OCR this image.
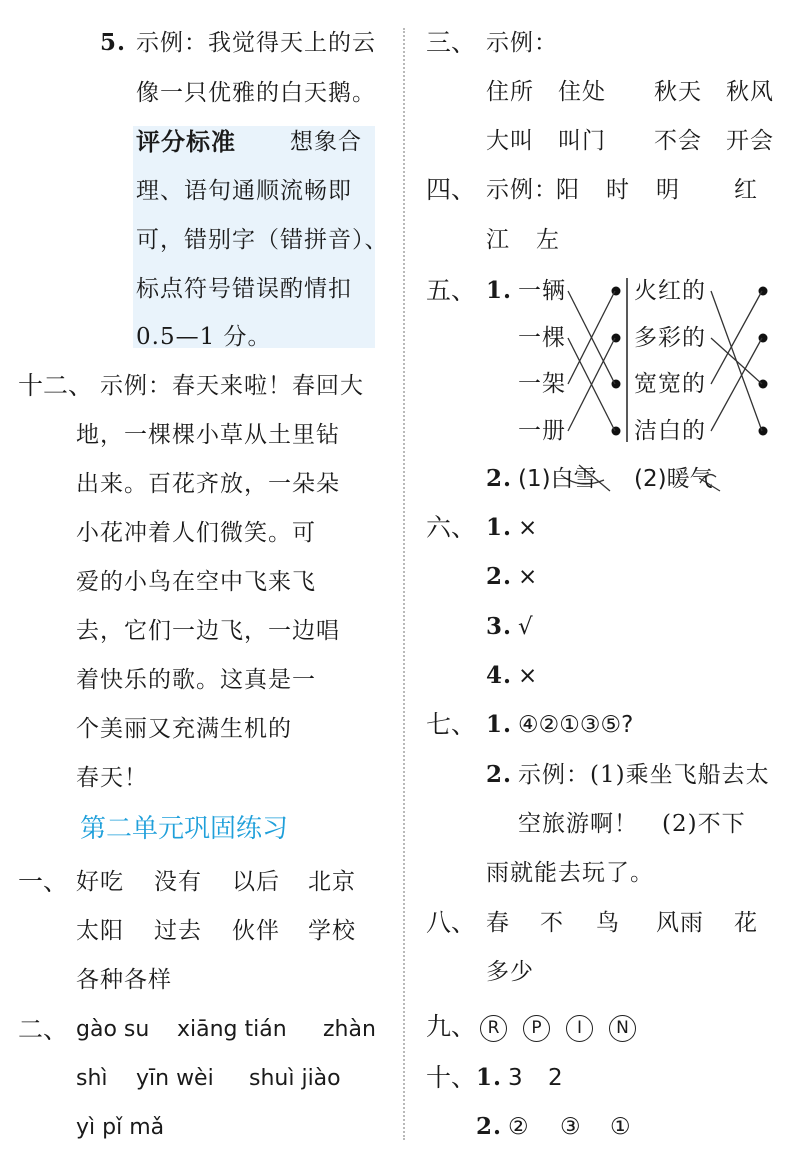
5. 示例：我觉得天上的云
像一只优雅的白天鹅。
评分标准 想象合
理、语句通顺流畅即
可，错别字（错拼音）、
标点符号错误酌情扣
0.5—1 分。
十二、 示例：春天来啦！春回大
地，一棵棵小草从土里钻
出来。百花齐放，一朵朵
小花冲着人们微笑。可
爱的小鸟在空中飞来飞
去，它们一边飞，一边唱
着快乐的歌。这真是一
个美丽又充满生机的
春天！
第二单元巩固练习
一、 好吃 没有 以后 北京
太阳 过去 伙伴 学校
各种各样
二、 gào su xiāng tián zhàn
shì yīn wèi shuì jiào
yì pǐ mǎ
三、 示例：
住所 住处 秋天 秋风
大叫 叫门 不会 开会
四、 示例：
阳 时 明 红
江 左
五、 1. 一辆
一棵
一架
一册
火红的
多彩的
宽宽的
洁白的
2. (1)白雪 (2)暖气
六、 1. ×
2. ×
3. √
4. ×
七、 1. ④②①③⑤?
2. 示例：(1)乘坐飞船去太
空旅游啊！　(2)不下
雨就能去玩了。
八、 春 不 鸟 风雨 花
多少
九、 R P I N
十、 1. 3 2
2. ② ③ ①
